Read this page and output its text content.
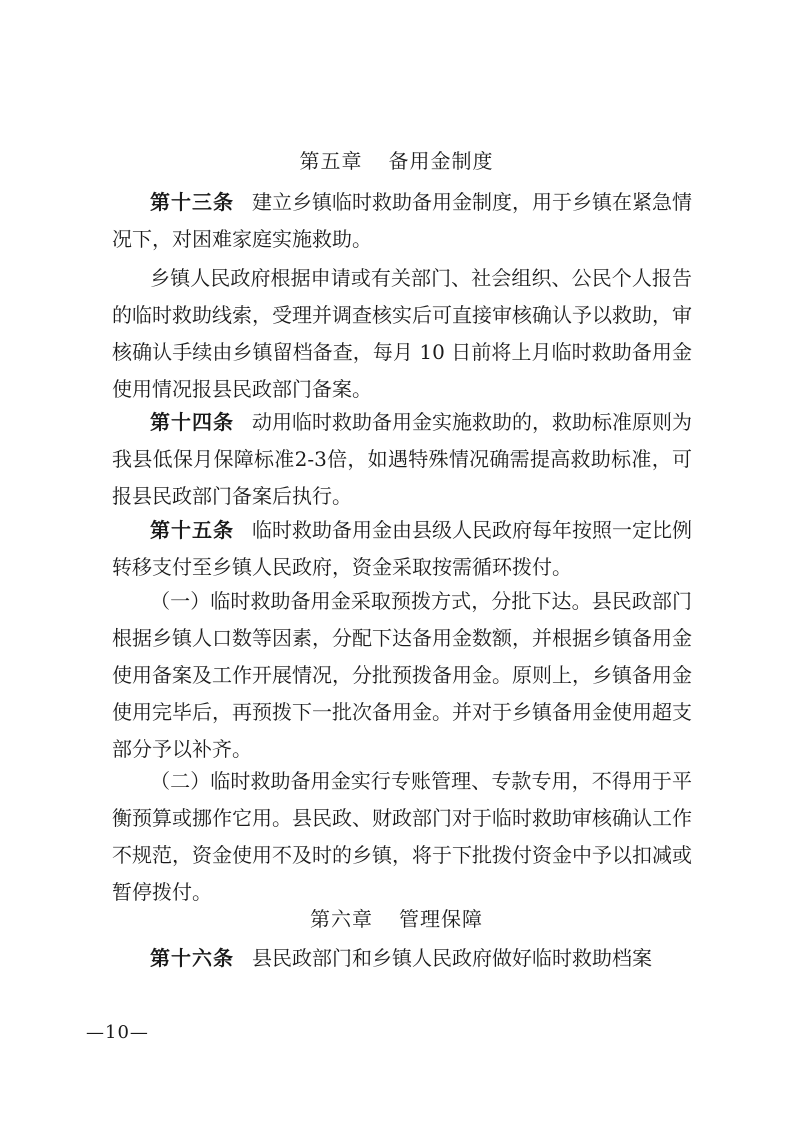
第五章 备用金制度
第十三条 建立乡镇临时救助备用金制度，用于乡镇在紧急情况下，对困难家庭实施救助。
乡镇人民政府根据申请或有关部门、社会组织、公民个人报告的临时救助线索，受理并调查核实后可直接审核确认予以救助，审核确认手续由乡镇留档备查，每月 10 日前将上月临时救助备用金使用情况报县民政部门备案。
第十四条 动用临时救助备用金实施救助的，救助标准原则为我县低保月保障标准2-3倍，如遇特殊情况确需提高救助标准，可报县民政部门备案后执行。
第十五条 临时救助备用金由县级人民政府每年按照一定比例转移支付至乡镇人民政府，资金采取按需循环拨付。
（一）临时救助备用金采取预拨方式，分批下达。县民政部门根据乡镇人口数等因素，分配下达备用金数额，并根据乡镇备用金使用备案及工作开展情况，分批预拨备用金。原则上，乡镇备用金使用完毕后，再预拨下一批次备用金。并对于乡镇备用金使用超支部分予以补齐。
（二）临时救助备用金实行专账管理、专款专用，不得用于平衡预算或挪作它用。县民政、财政部门对于临时救助审核确认工作不规范，资金使用不及时的乡镇，将于下批拨付资金中予以扣减或暂停拨付。
第六章 管理保障
第十六条 县民政部门和乡镇人民政府做好临时救助档案
—10—
